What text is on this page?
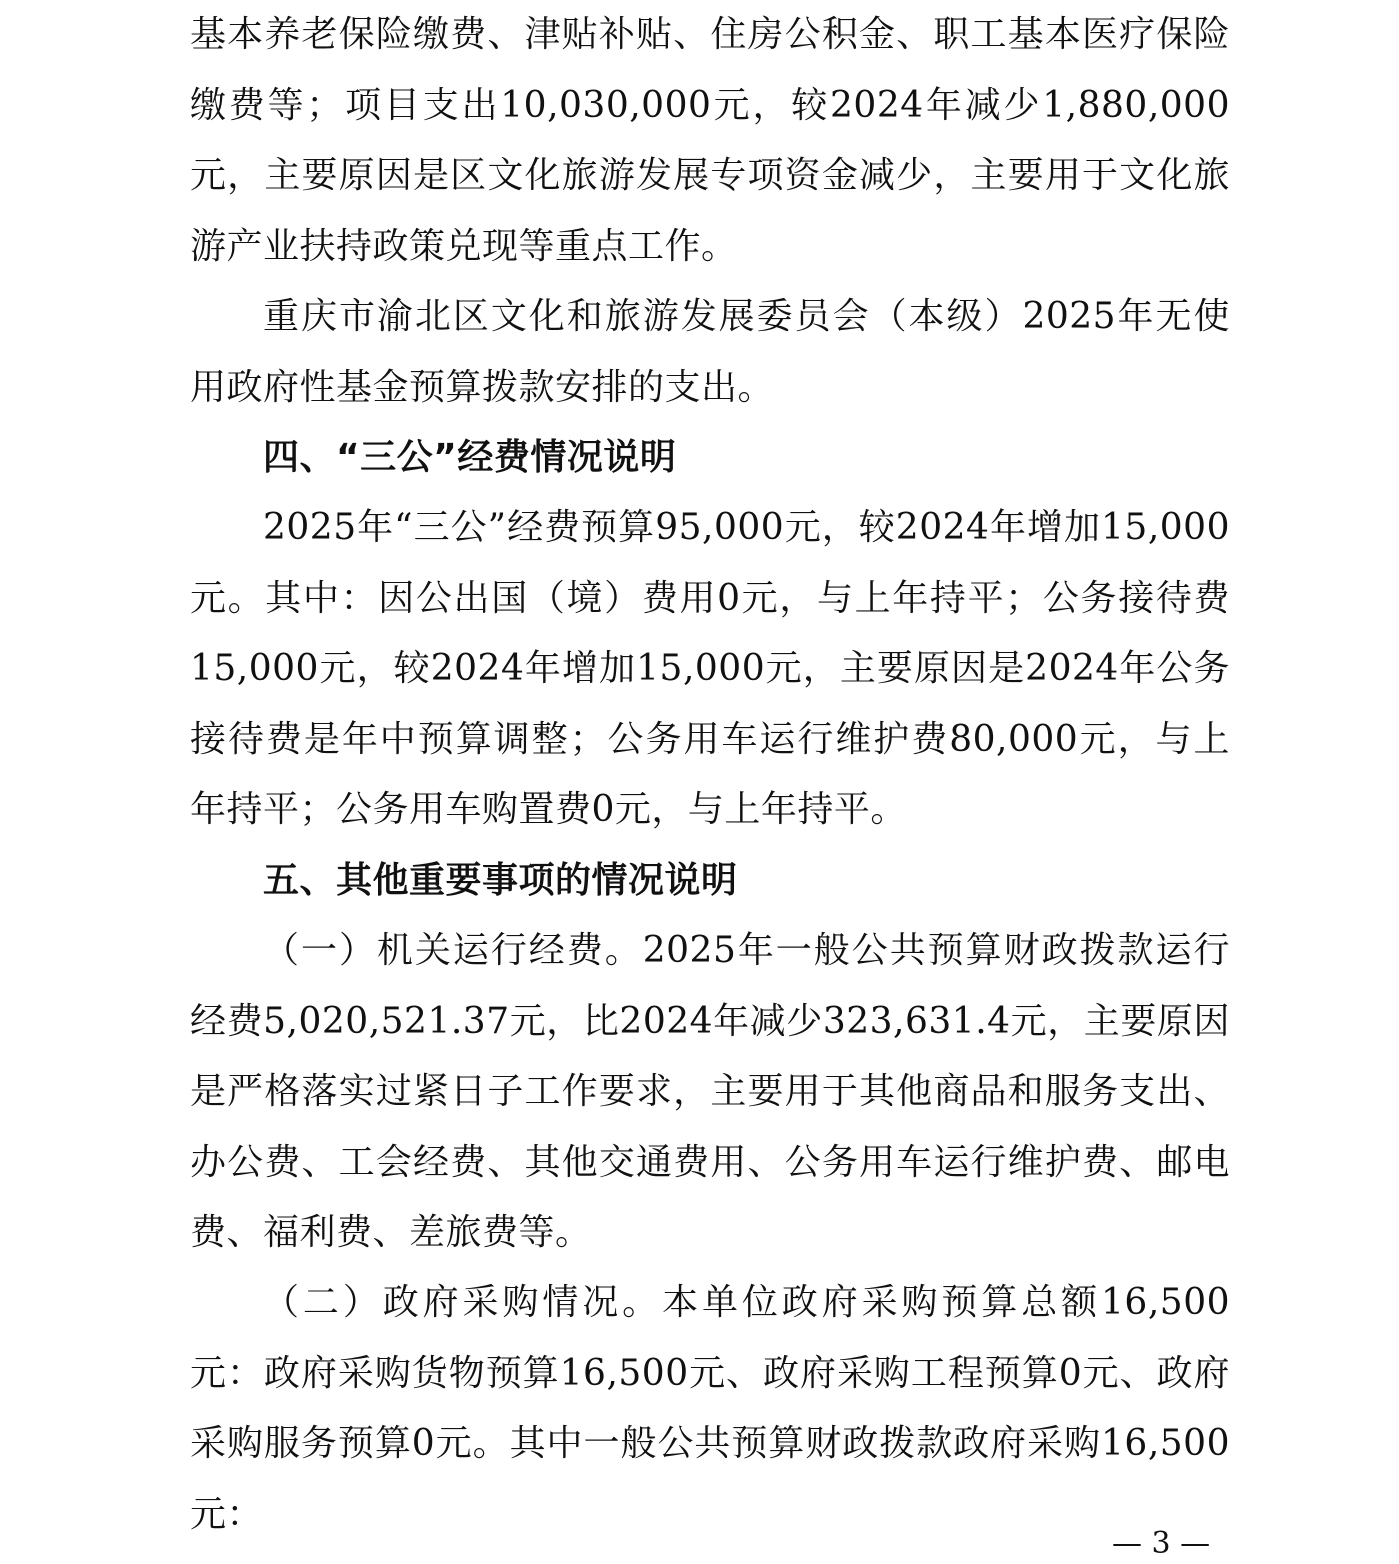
基本养老保险缴费、津贴补贴、住房公积金、职工基本医疗保险缴费等；项目支出10,030,000元，较2024年减少1,880,000元，主要原因是区文化旅游发展专项资金减少，主要用于文化旅游产业扶持政策兑现等重点工作。
重庆市渝北区文化和旅游发展委员会（本级）2025年无使用政府性基金预算拨款安排的支出。
四、“三公”经费情况说明
2025年“三公”经费预算95,000元，较2024年增加15,000元。其中：因公出国（境）费用0元，与上年持平；公务接待费15,000元，较2024年增加15,000元，主要原因是2024年公务接待费是年中预算调整；公务用车运行维护费80,000元，与上年持平；公务用车购置费0元，与上年持平。
五、其他重要事项的情况说明
（一）机关运行经费。2025年一般公共预算财政拨款运行经费5,020,521.37元，比2024年减少323,631.4元，主要原因是严格落实过紧日子工作要求，主要用于其他商品和服务支出、办公费、工会经费、其他交通费用、公务用车运行维护费、邮电费、福利费、差旅费等。
（二）政府采购情况。本单位政府采购预算总额16,500元：政府采购货物预算16,500元、政府采购工程预算0元、政府采购服务预算0元。其中一般公共预算财政拨款政府采购16,500元：
— 3 —
